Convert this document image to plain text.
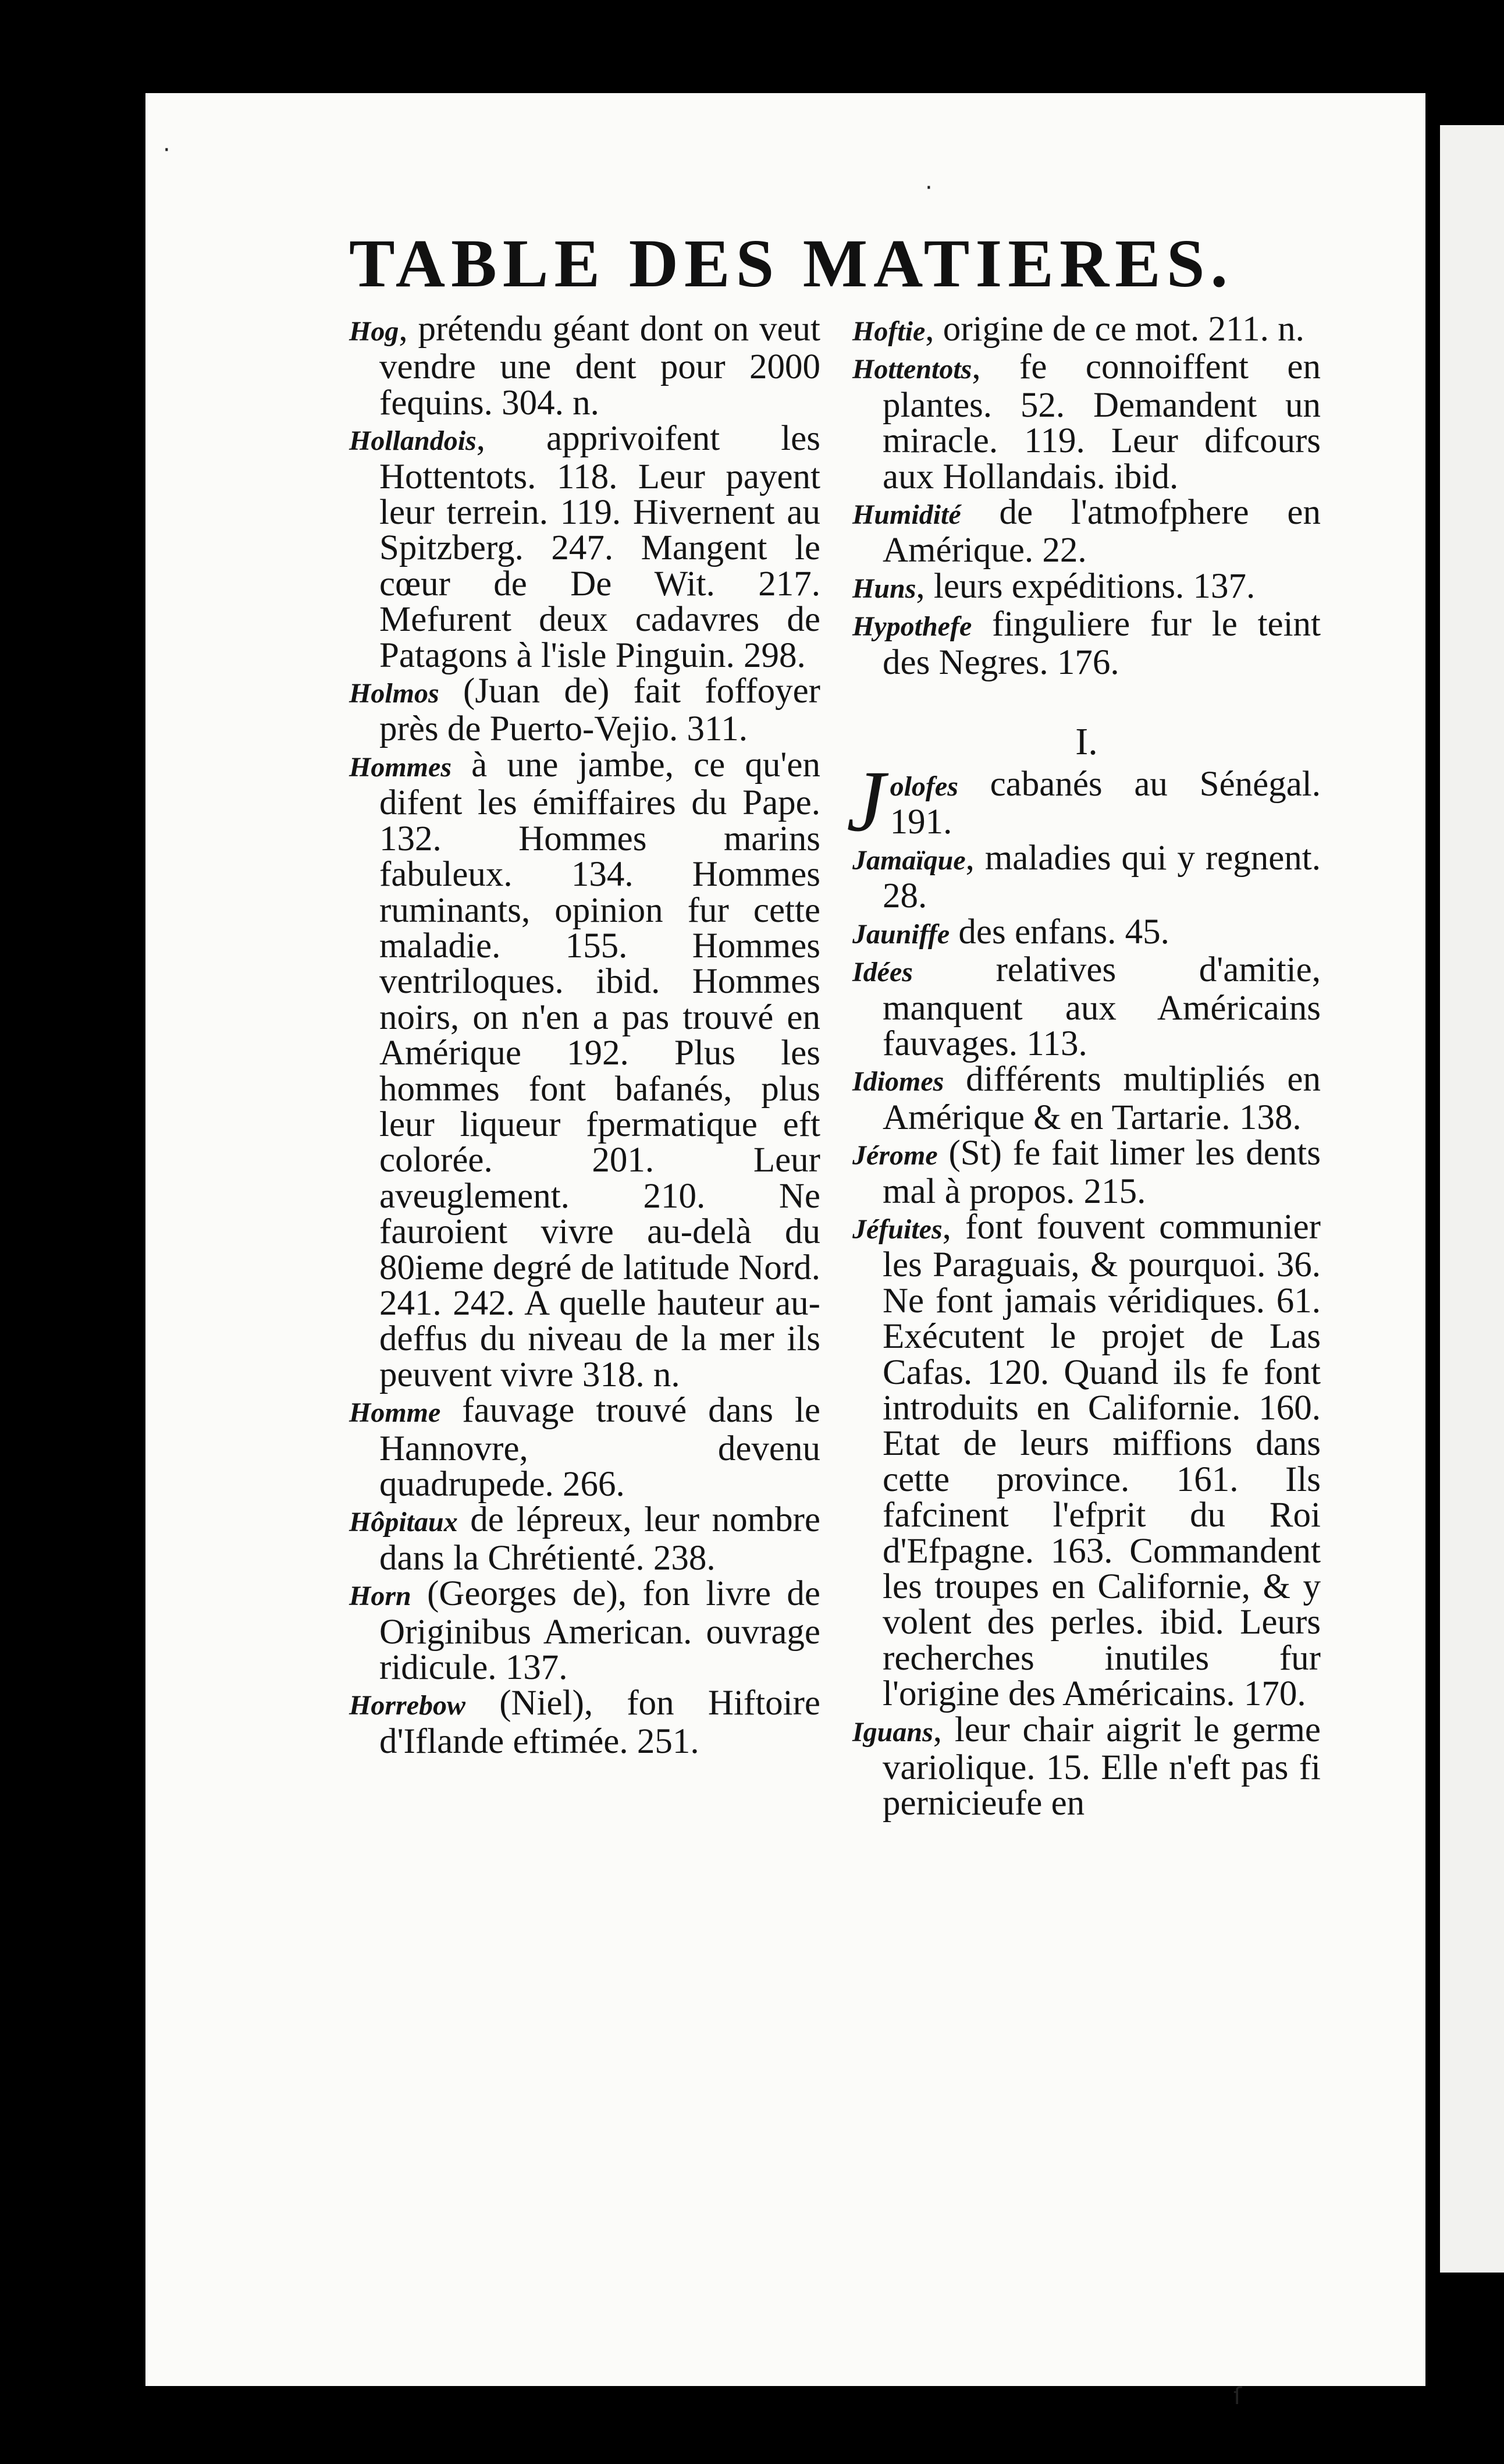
TABLE DES MATIERES.

Hog, prétendu géant dont on veut vendre une dent pour 2000 fequins. 304. n.

Hollandois, apprivoifent les Hottentots. 118. Leur payent leur terrein. 119. Hivernent au Spitzberg. 247. Mangent le cœur de De Wit. 217. Mefurent deux cadavres de Patagons à l'isle Pinguin. 298.

Holmos (Juan de) fait foffoyer près de Puerto-Vejio. 311.

Hommes à une jambe, ce qu'en difent les émiffaires du Pape. 132. Hommes marins fabuleux. 134. Hommes ruminants, opinion fur cette maladie. 155. Hommes ventriloques. ibid. Hommes noirs, on n'en a pas trouvé en Amérique 192. Plus les hommes font bafanés, plus leur liqueur fpermatique eft colorée. 201. Leur aveuglement. 210. Ne fauroient vivre au-delà du 80ieme degré de latitude Nord. 241. 242. A quelle hauteur au-deffus du niveau de la mer ils peuvent vivre 318. n.

Homme fauvage trouvé dans le Hannovre, devenu quadrupede. 266.

Hôpitaux de lépreux, leur nombre dans la Chrétienté. 238.

Horn (Georges de), fon livre de Originibus American. ouvrage ridicule. 137.

Horrebow (Niel), fon Hiftoire d'Iflande eftimée. 251.

Hoftie, origine de ce mot. 211. n.

Hottentots, fe connoiffent en plantes. 52. Demandent un miracle. 119. Leur difcours aux Hollandais. ibid.

Humidité de l'atmofphere en Amérique. 22.

Huns, leurs expéditions. 137.

Hypothefe finguliere fur le teint des Negres. 176.

I.

J olofes cabanés au Sénégal. 191.

Jamaïque, maladies qui y regnent. 28.

Jauniffe des enfans. 45.

Idées relatives d'amitie, manquent aux Américains fauvages. 113.

Idiomes différents multipliés en Amérique & en Tartarie. 138.

Jérome (St) fe fait limer les dents mal à propos. 215.

Jéfuites, font fouvent communier les Paraguais, & pourquoi. 36. Ne font jamais véridiques. 61. Exécutent le projet de Las Cafas. 120. Quand ils fe font introduits en Californie. 160. Etat de leurs miffions dans cette province. 161. Ils fafcinent l'efprit du Roi d'Efpagne. 163. Commandent les troupes en Californie, & y volent des perles. ibid. Leurs recherches inutiles fur l'origine des Américains. 170.

Iguans, leur chair aigrit le germe variolique. 15. Elle n'eft pas fi pernicieufe en

·
·
ſ
